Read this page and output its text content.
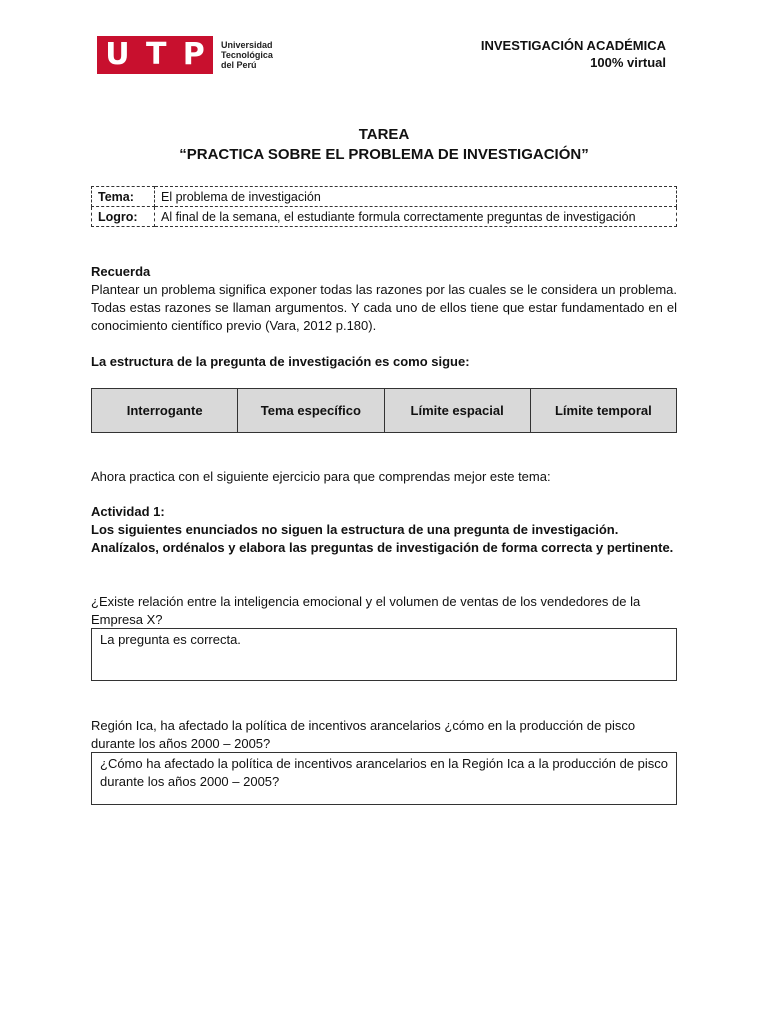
U T P Universidad
Tecnológica
del Perú
INVESTIGACIÓN ACADÉMICA
100% virtual
TAREA
“PRACTICA SOBRE EL PROBLEMA DE INVESTIGACIÓN”
Tema:	El problema de investigación
Logro:	Al final de la semana, el estudiante formula correctamente preguntas de investigación
Recuerda
Plantear un problema significa exponer todas las razones por las cuales se le considera un problema. Todas estas razones se llaman argumentos. Y cada uno de ellos tiene que estar fundamentado en el conocimiento científico previo (Vara, 2012 p.180).
La estructura de la pregunta de investigación es como sigue:
Interrogante	Tema específico	Límite espacial	Límite temporal
Ahora practica con el siguiente ejercicio para que comprendas mejor este tema:
Actividad 1:
Los siguientes enunciados no siguen la estructura de una pregunta de investigación. Analízalos, ordénalos y elabora las preguntas de investigación de forma correcta y pertinente.
¿Existe relación entre la inteligencia emocional y el volumen de ventas de los vendedores de la Empresa X?
La pregunta es correcta.
Región Ica, ha afectado la política de incentivos arancelarios ¿cómo en la producción de pisco durante los años 2000 – 2005?
¿Cómo ha afectado la política de incentivos arancelarios en la Región Ica a la producción de pisco durante los años 2000 – 2005?
